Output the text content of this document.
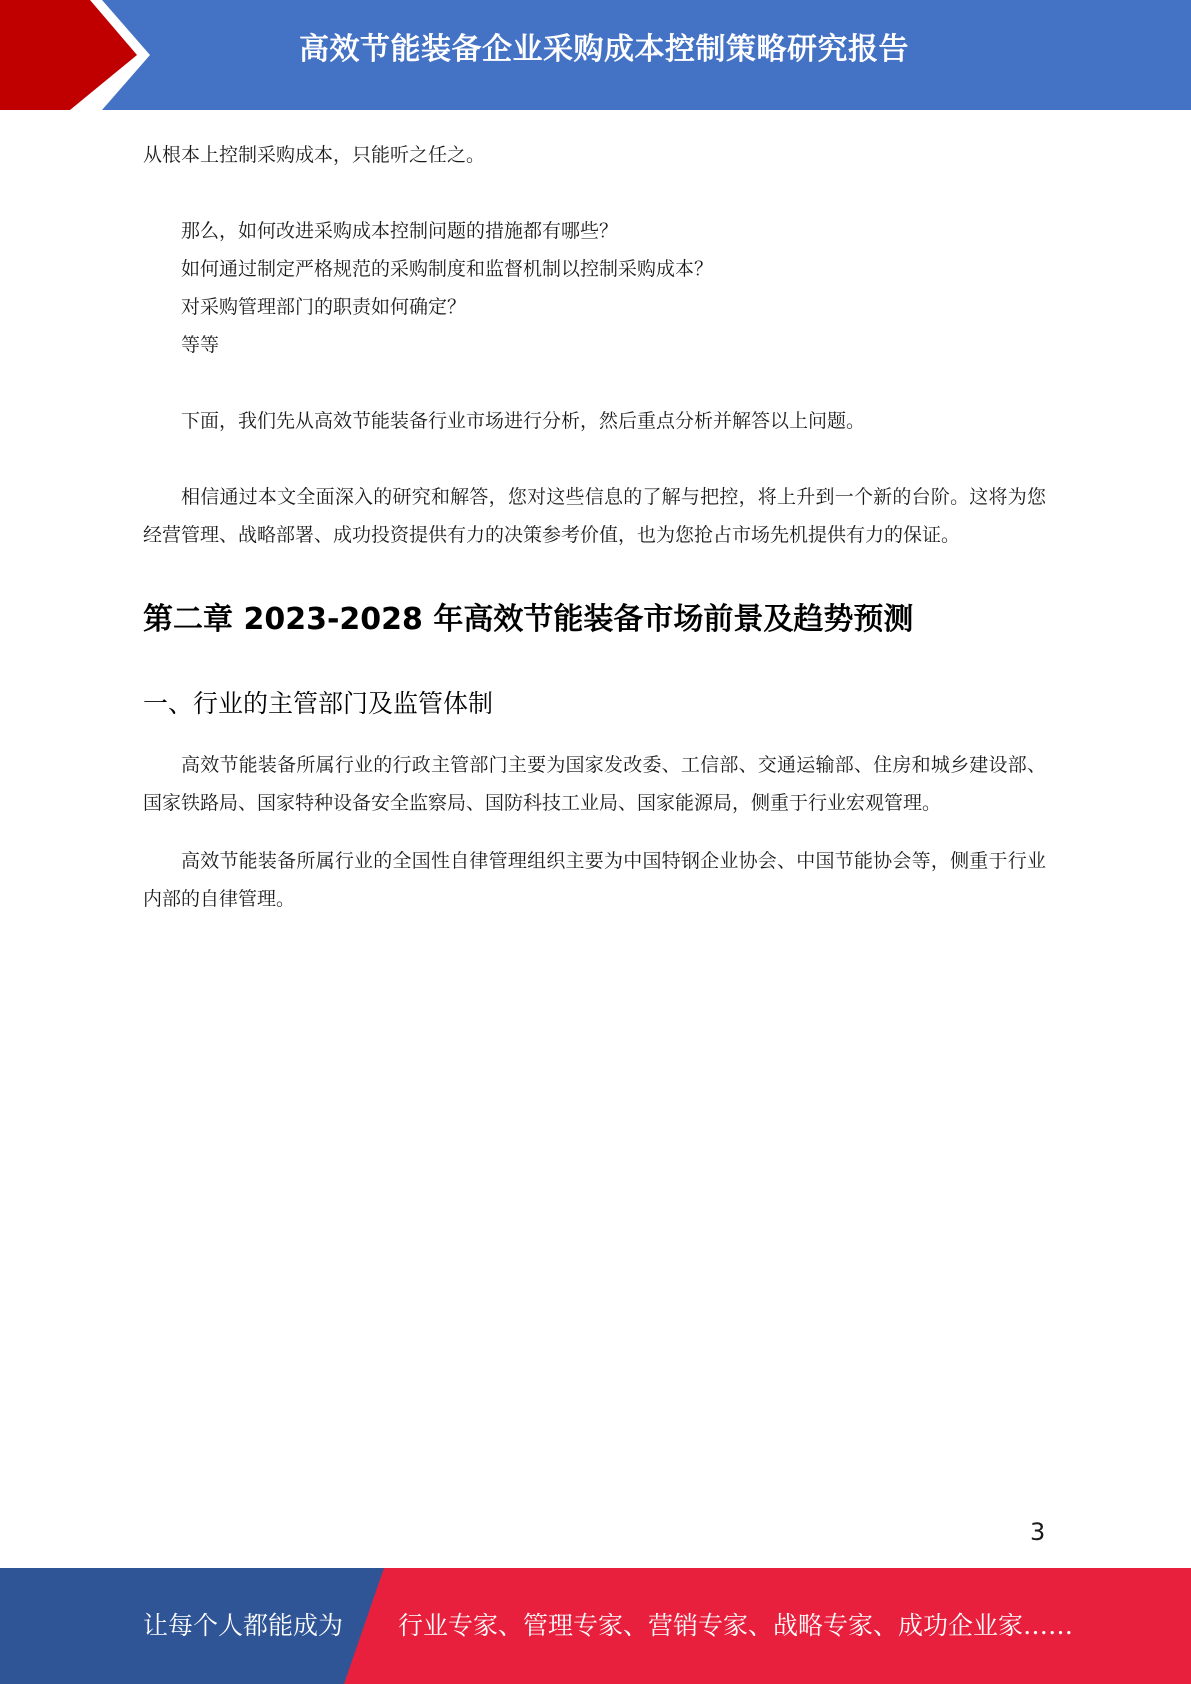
高效节能装备企业采购成本控制策略研究报告

从根本上控制采购成本，只能听之任之。

那么，如何改进采购成本控制问题的措施都有哪些？
如何通过制定严格规范的采购制度和监督机制以控制采购成本？
对采购管理部门的职责如何确定？
等等

下面，我们先从高效节能装备行业市场进行分析，然后重点分析并解答以上问题。

相信通过本文全面深入的研究和解答，您对这些信息的了解与把控，将上升到一个新的台阶。这将为您经营管理、战略部署、成功投资提供有力的决策参考价值，也为您抢占市场先机提供有力的保证。

第二章 2023-2028 年高效节能装备市场前景及趋势预测
一、行业的主管部门及监管体制

高效节能装备所属行业的行政主管部门主要为国家发改委、工信部、交通运输部、住房和城乡建设部、国家铁路局、国家特种设备安全监察局、国防科技工业局、国家能源局，侧重于行业宏观管理。

高效节能装备所属行业的全国性自律管理组织主要为中国特钢企业协会、中国节能协会等，侧重于行业内部的自律管理。

3
让每个人都能成为 行业专家、管理专家、营销专家、战略专家、成功企业家……
